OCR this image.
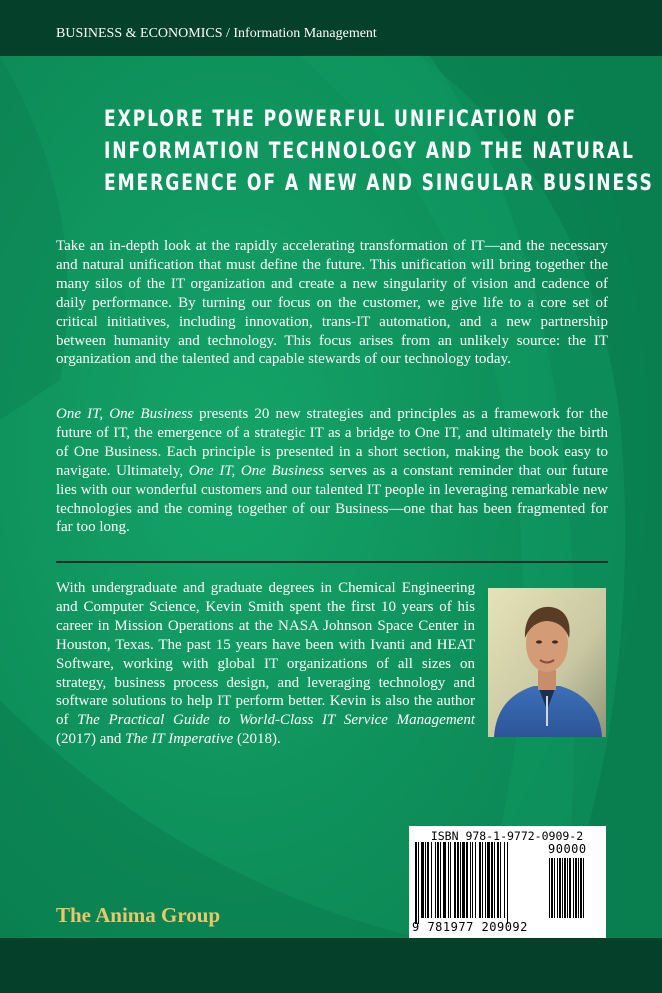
BUSINESS & ECONOMICS / Information Management
EXPLORE THE POWERFUL UNIFICATION OF
INFORMATION TECHNOLOGY AND THE NATURAL
EMERGENCE OF A NEW AND SINGULAR BUSINESS
Take an in-depth look at the rapidly accelerating transformation of IT—and the necessary and natural unification that must define the future. This unification will bring together the many silos of the IT organization and create a new singularity of vision and cadence of daily performance. By turning our focus on the customer, we give life to a core set of critical initiatives, including innovation, trans-IT automation, and a new partnership between humanity and technology. This focus arises from an unlikely source: the IT organization and the talented and capable stewards of our technology today.
One IT, One Business presents 20 new strategies and principles as a framework for the future of IT, the emergence of a strategic IT as a bridge to One IT, and ultimately the birth of One Business. Each principle is presented in a short section, making the book easy to navigate. Ultimately, One IT, One Business serves as a constant reminder that our future lies with our wonderful customers and our talented IT people in leveraging remarkable new technologies and the coming together of our Business—one that has been fragmented for far too long.
With undergraduate and graduate degrees in Chemical Engineering and Computer Science, Kevin Smith spent the first 10 years of his career in Mission Operations at the NASA Johnson Space Center in Houston, Texas. The past 15 years have been with Ivanti and HEAT Software, working with global IT organizations of all sizes on strategy, business process design, and leveraging technology and software solutions to help IT perform better. Kevin is also the author of The Practical Guide to World-Class IT Service Management (2017) and The IT Imperative (2018).
The Anima Group
ISBN 978-1-9772-0909-2
90000
9 781977 209092
